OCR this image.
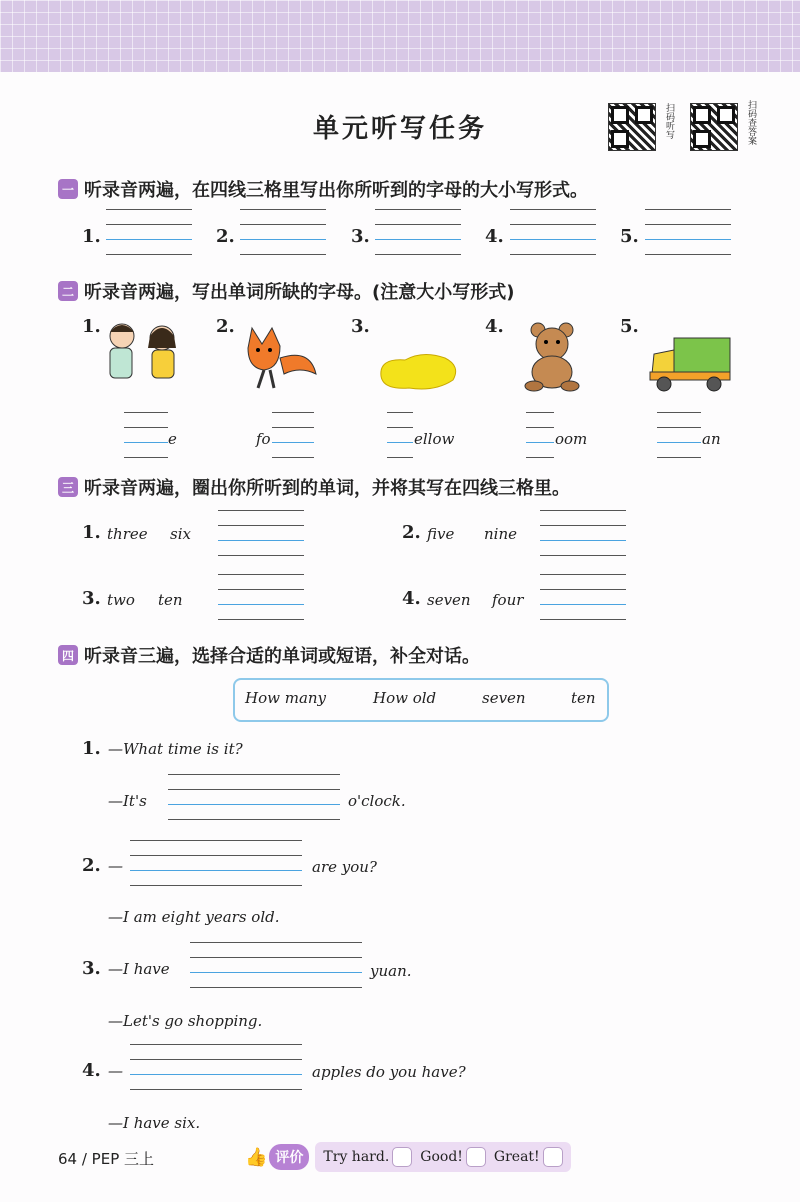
单元听写任务	扫码听写	扫码查答案
一 听录音两遍，在四线三格里写出你所听到的字母的大小写形式。
1.	2.	3.	4.	5.
二 听录音两遍，写出单词所缺的字母。(注意大小写形式)
1.
e
2.
fo
3.
ellow
4.
oom
5.
an
三 听录音两遍，圈出你所听到的单词，并将其写在四线三格里。
1. three six	2. five nine
3. two ten	4. seven four
四 听录音三遍，选择合适的单词或短语，补全对话。
How many	How old	seven	ten
1. —What time is it?
—It's	o'clock.
2. —	are you?
—I am eight years old.
3. —I have	yuan.
—Let's go shopping.
4. —	apples do you have?
—I have six.
64 / PEP 三上	👍 评价	Try hard.	Good!	Great!
